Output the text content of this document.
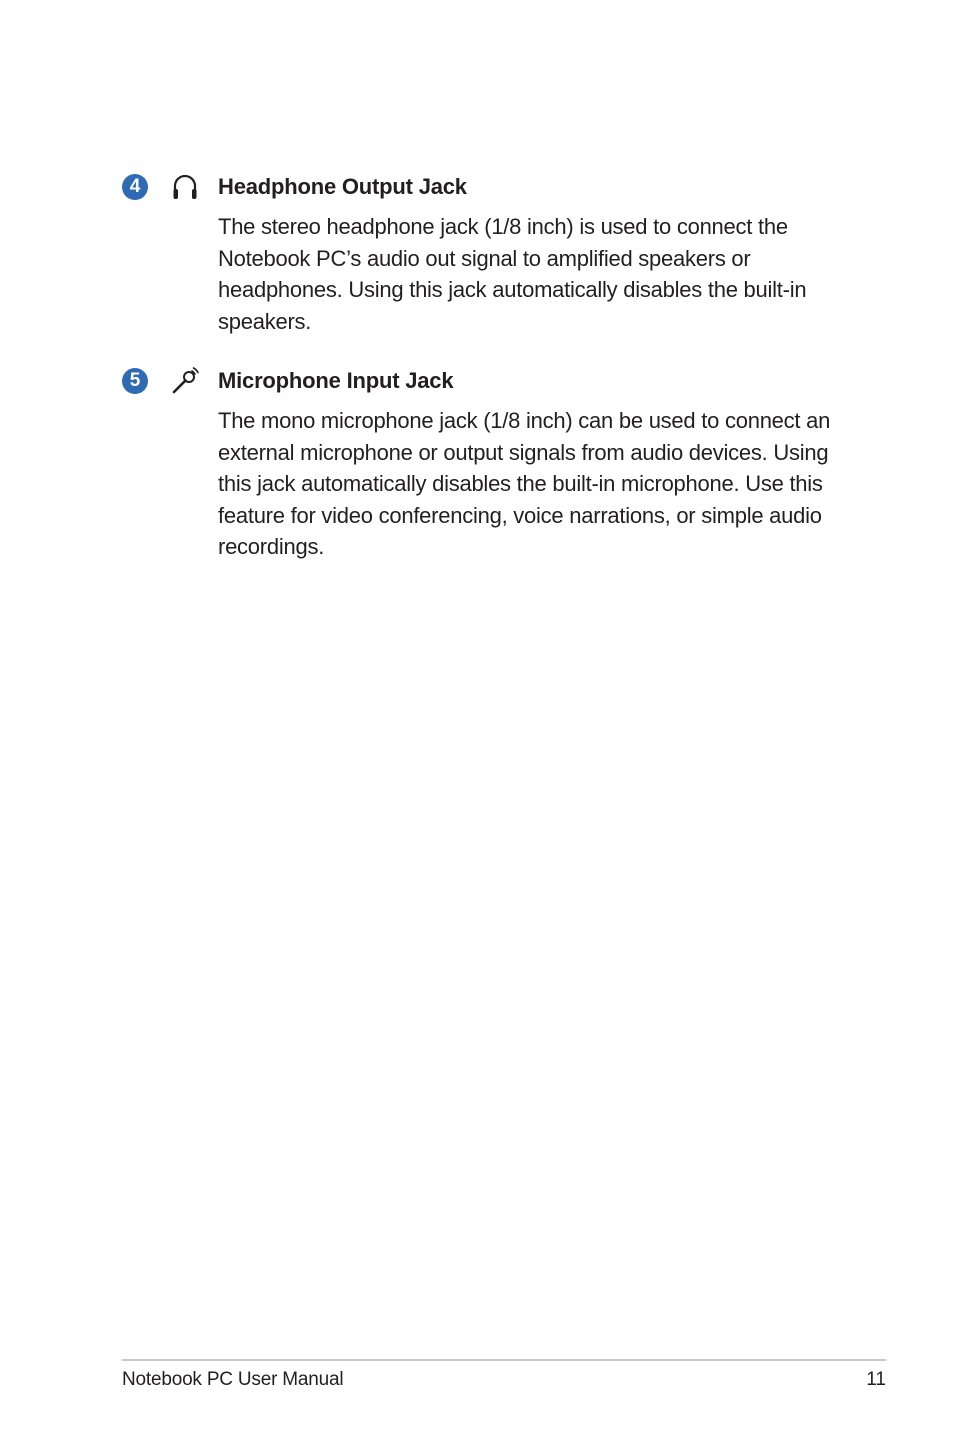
4	Headphone Output Jack

The stereo headphone jack (1/8 inch) is used to connect the Notebook PC’s audio out signal to amplified speakers or headphones. Using this jack automatically disables the built-in speakers.

5	Microphone Input Jack

The mono microphone jack (1/8 inch) can be used to connect an external microphone or output signals from audio devices. Using this jack automatically disables the built-in microphone. Use this feature for video conferencing, voice narrations, or simple audio recordings.

Notebook PC User Manual	11
